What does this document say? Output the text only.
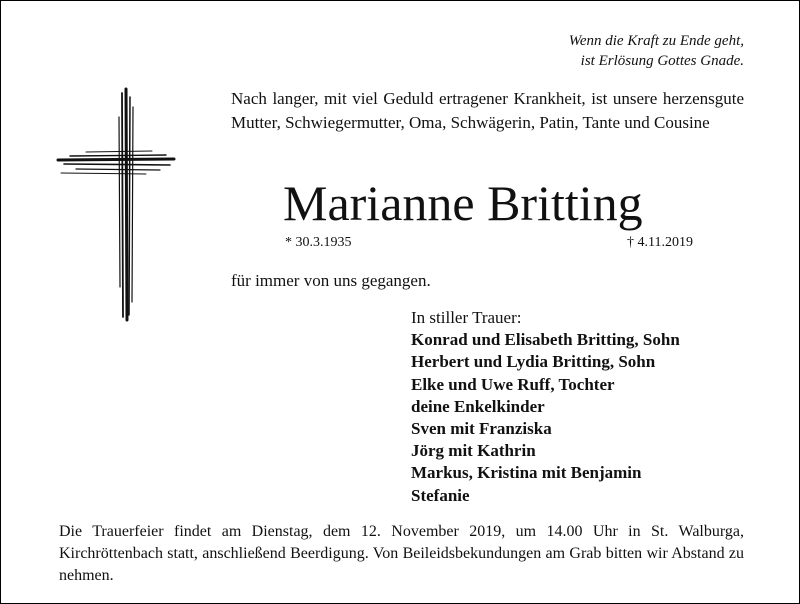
Wenn die Kraft zu Ende geht,
ist Erlösung Gottes Gnade.
Nach langer, mit viel Geduld ertragener Krankheit, ist unsere herzensgute Mutter, Schwiegermutter, Oma, Schwägerin, Patin, Tante und Cousine
Marianne Britting
* 30.3.1935	† 4.11.2019
für immer von uns gegangen.
In stiller Trauer:
Konrad und Elisabeth Britting, Sohn
Herbert und Lydia Britting, Sohn
Elke und Uwe Ruff, Tochter
deine Enkelkinder
Sven mit Franziska
Jörg mit Kathrin
Markus, Kristina mit Benjamin
Stefanie
Die Trauerfeier findet am Dienstag, dem 12. November 2019, um 14.00 Uhr in St. Walburga, Kirchröttenbach statt, anschließend Beerdigung. Von Beileidsbekundungen am Grab bitten wir Abstand zu nehmen.
